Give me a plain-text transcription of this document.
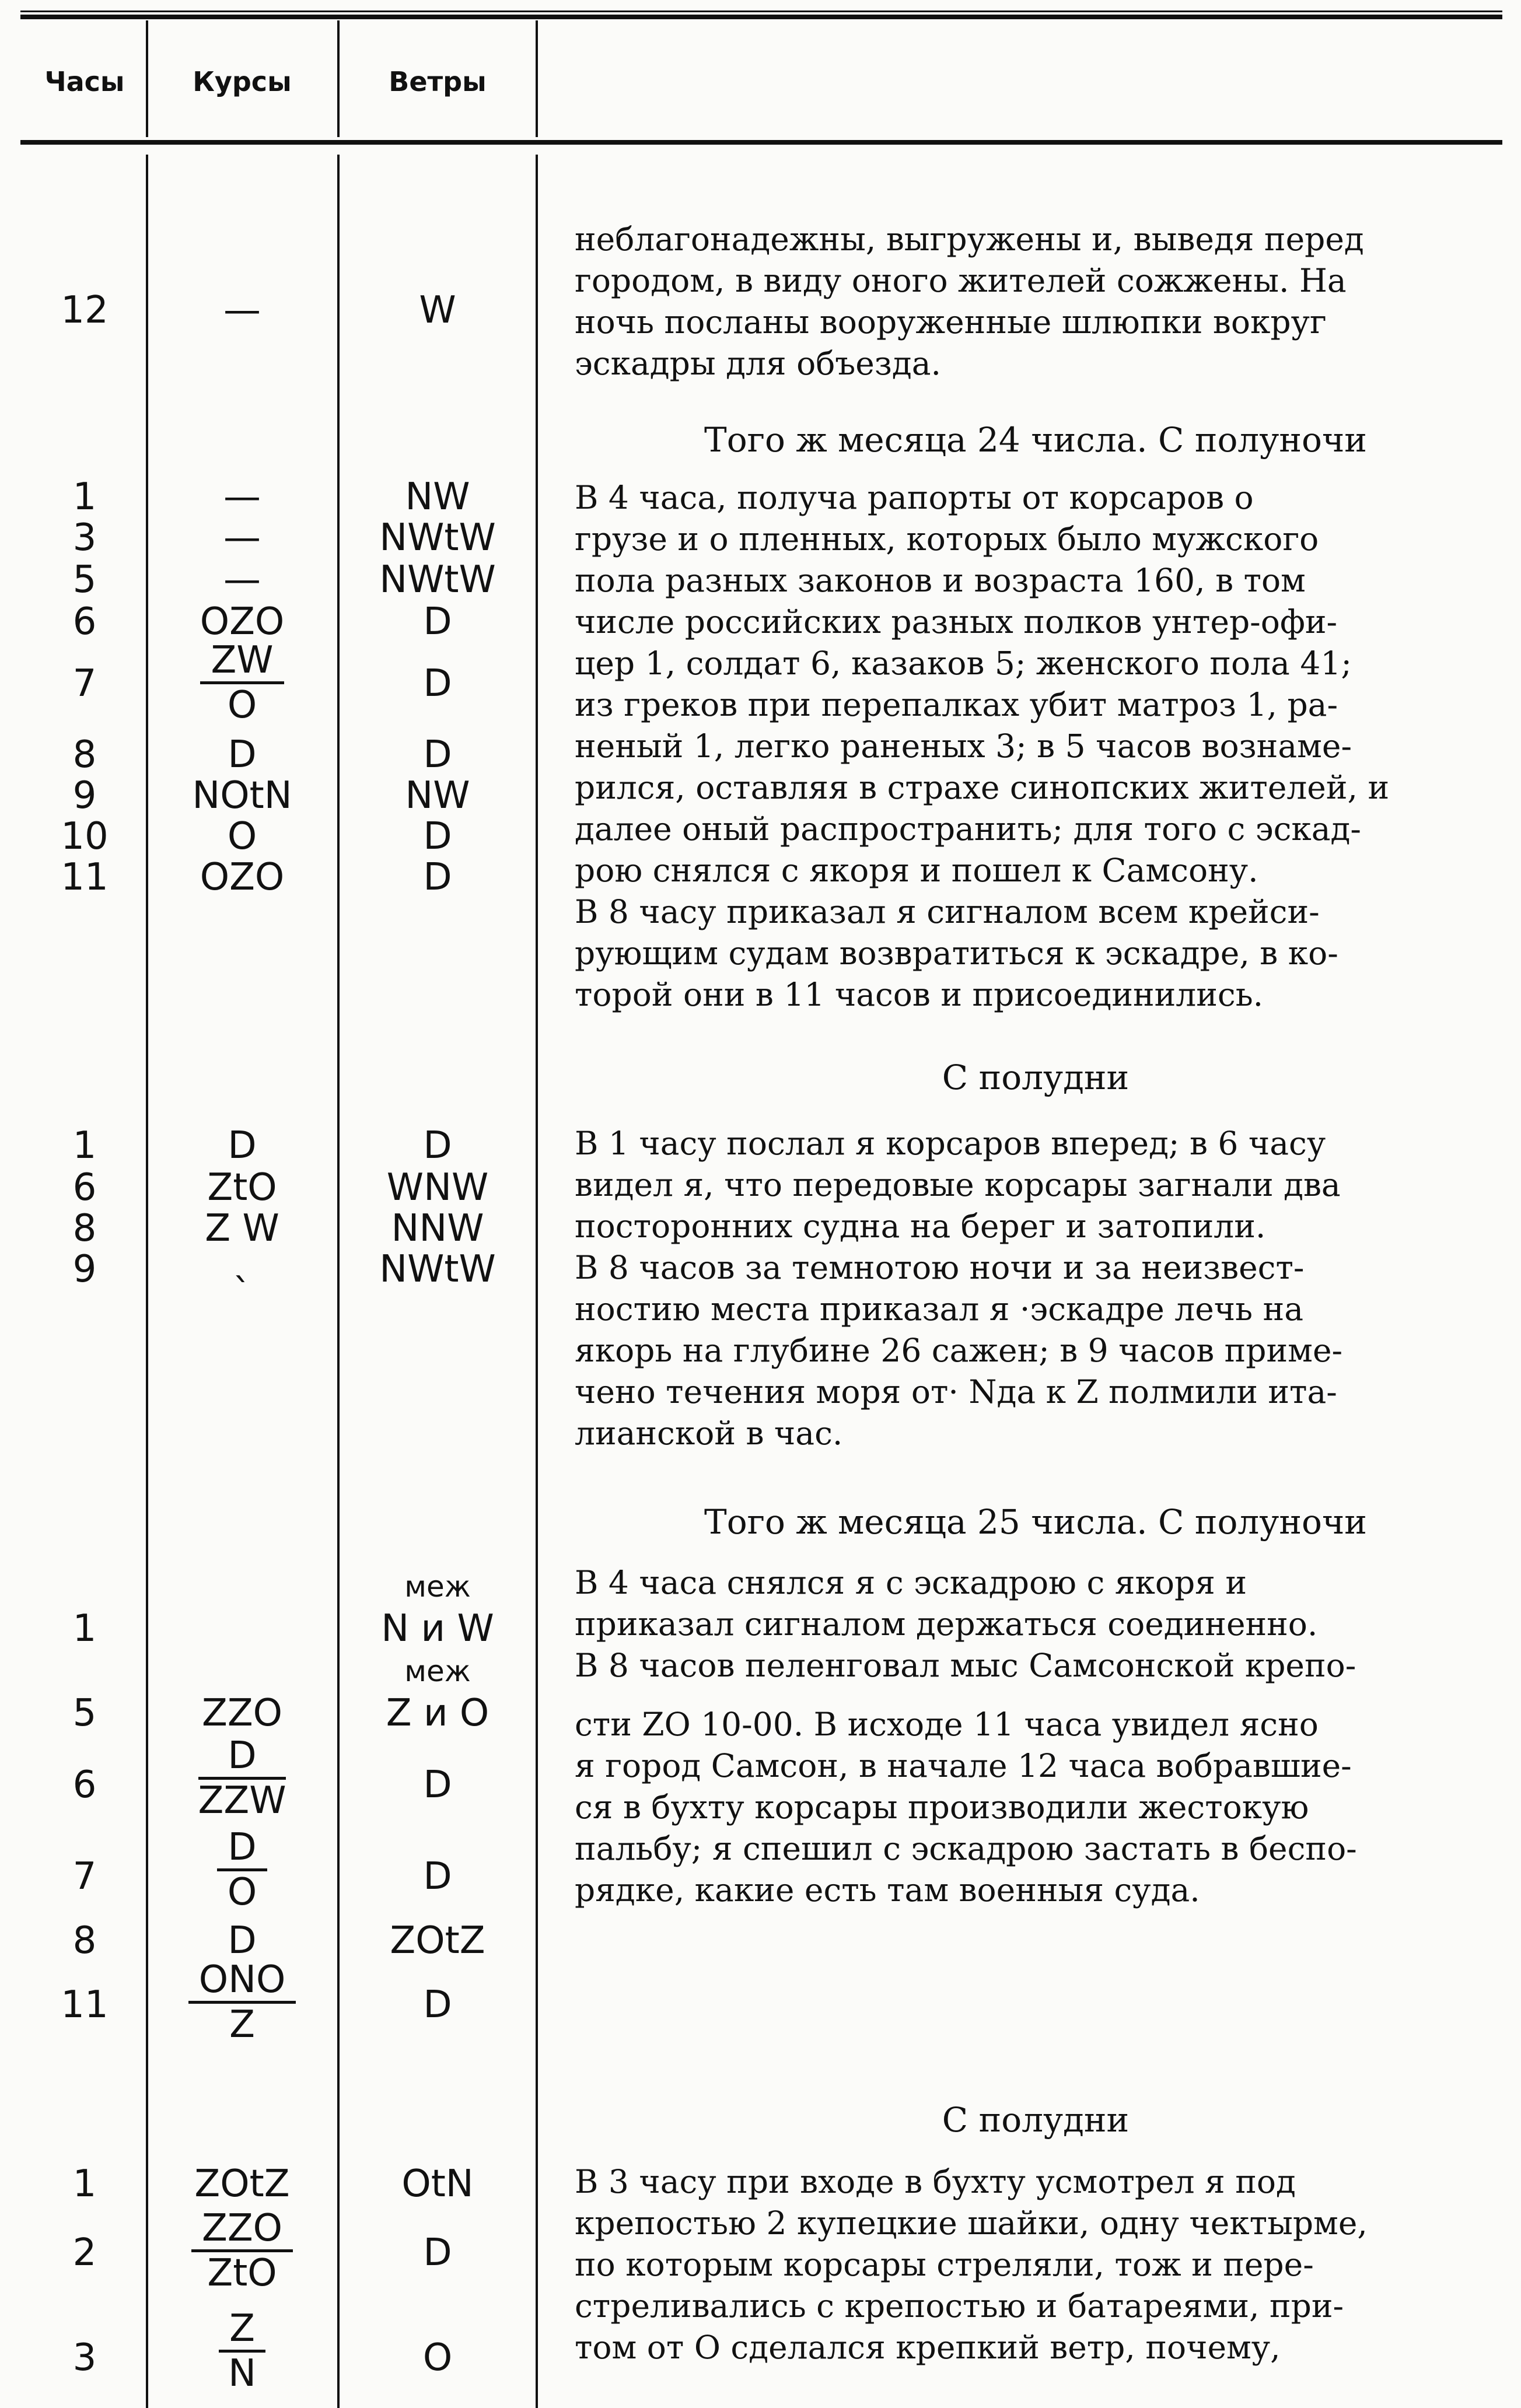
Часы	Курсы	Ветры
12
1
3
5
6
7
8
9
10
11
1
6
8
9
1
5
6
7
8
11
1
2
3
—
—
—
—
OZO
$\frac{ZW}{O}$
D
NOtN
O
OZO
D
ZtO
Z W
ˎ
ZZO
$\frac{D}{\text{ZZW}}$
$\frac{D}{O}$
D
$\frac{\text{ONO}}{Z}$
ZOtZ
$\frac{\text{ZZO}}{\text{ZtO}}$
$\frac{Z}{N}$
W
NW
NWtW
NWtW
D
D
D
NW
D
D
D
WNW
NNW
NWtW
меж
N и W
меж
Z и O
D
D
ZOtZ
D
OtN
D
O
неблагонадежны, выгружены и, выведя перед
городом, в виду оного жителей сожжены. На
ночь посланы вооруженные шлюпки вокруг
эскадры для объезда.
Того ж месяца 24 числа. С полуночи
В 4 часа, получа рапорты от корсаров о
грузе и о пленных, которых было мужского
пола разных законов и возраста 160, в том
числе российских разных полков унтер-офи-
цер 1, солдат 6, казаков 5; женского пола 41;
из греков при перепалках убит матроз 1, ра-
неный 1, легко раненых 3; в 5 часов вознаме-
рился, оставляя в страхе синопских жителей, и
далее оный распространить; для того с эскад-
рою снялся с якоря и пошел к Самсону.
В 8 часу приказал я сигналом всем крейси-
рующим судам возвратиться к эскадре, в ко-
торой они в 11 часов и присоединились.
С полудни
В 1 часу послал я корсаров вперед; в 6 часу
видел я, что передовые корсары загнали два
посторонних судна на берег и затопили.
В 8 часов за темнотою ночи и за неизвест-
ностию места приказал я ·эскадре лечь на
якорь на глубине 26 сажен; в 9 часов приме-
чено течения моря от· Nда к Z полмили ита-
лианской в час.
Того ж месяца 25 числа. С полуночи
В 4 часа снялся я с эскадрою с якоря и
приказал сигналом держаться соединенно.
В 8 часов пеленговал мыс Самсонской крепо-
сти ZO 10-00. В исходе 11 часа увидел ясно
я город Самсон, в начале 12 часа вобравшие-
ся в бухту корсары производили жестокую
пальбу; я спешил с эскадрою застать в беспо-
рядке, какие есть там военныя суда.
С полудни
В 3 часу при входе в бухту усмотрел я под
крепостью 2 купецкие шайки, одну чектырме,
по которым корсары стреляли, тож и пере-
стреливались с крепостью и батареями, при-
том от О сделался крепкий ветр, почему,
